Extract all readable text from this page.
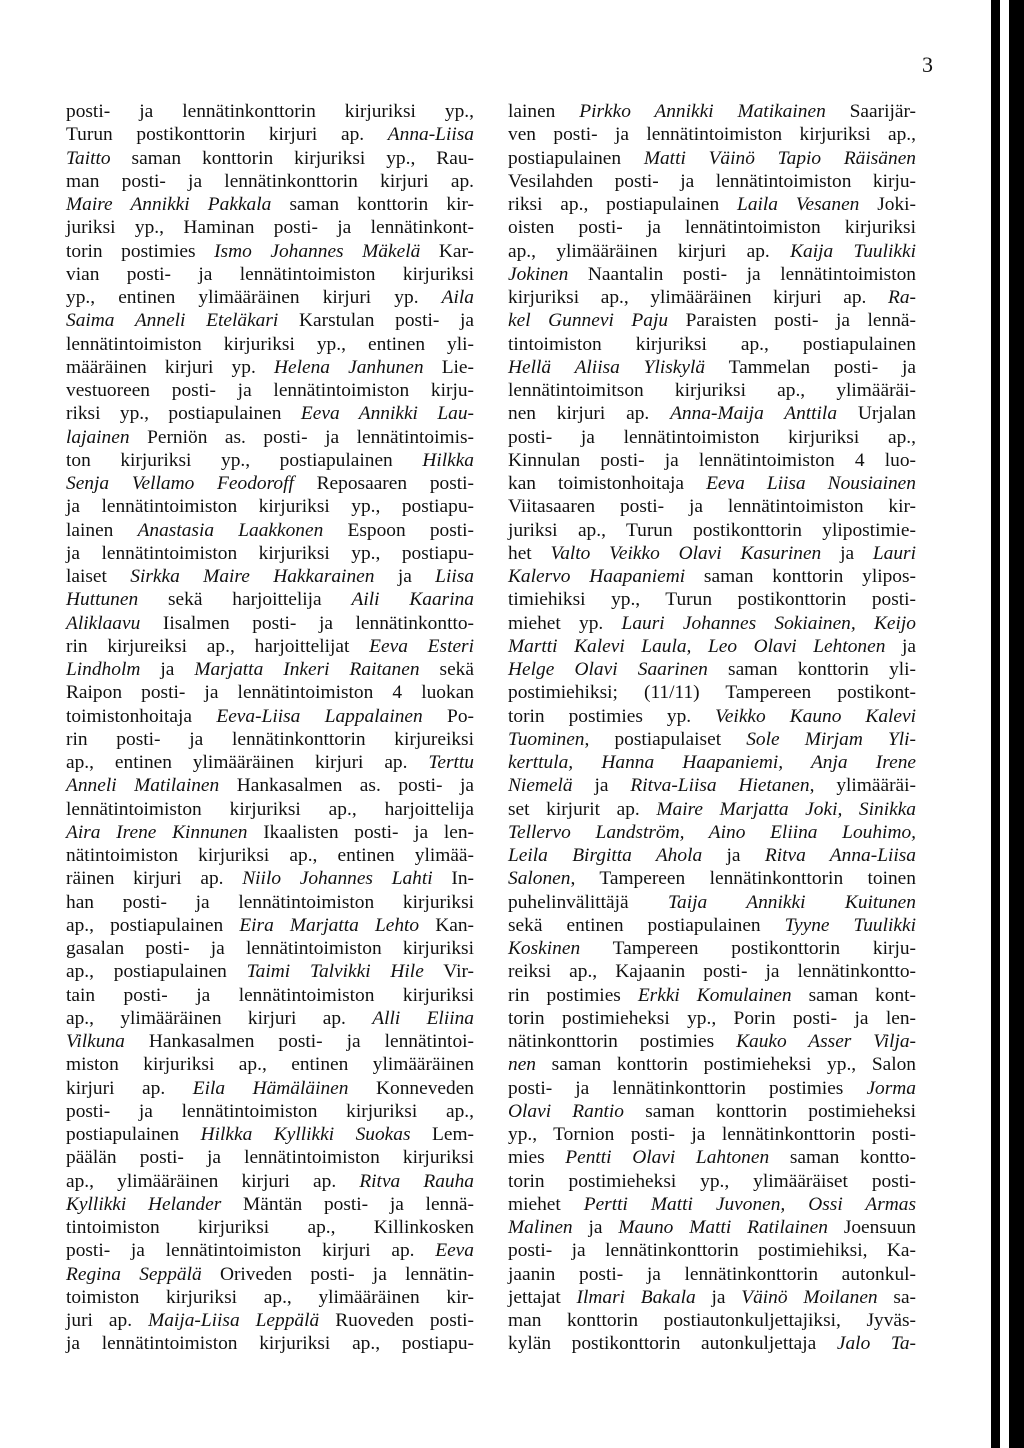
3
posti- ja lennätinkonttorin kirjuriksi yp.,
Turun postikonttorin kirjuri ap. Anna-Liisa
Taitto saman konttorin kirjuriksi yp., Rau-
man posti- ja lennätinkonttorin kirjuri ap.
Maire Annikki Pakkala saman konttorin kir-
juriksi yp., Haminan posti- ja lennätinkont-
torin postimies Ismo Johannes Mäkelä Kar-
vian posti- ja lennätintoimiston kirjuriksi
yp., entinen ylimääräinen kirjuri yp. Aila
Saima Anneli Eteläkari Karstulan posti- ja
lennätintoimiston kirjuriksi yp., entinen yli-
määräinen kirjuri yp. Helena Janhunen Lie-
vestuoreen posti- ja lennätintoimiston kirju-
riksi yp., postiapulainen Eeva Annikki Lau-
lajainen Perniön as. posti- ja lennätintoimis-
ton kirjuriksi yp., postiapulainen Hilkka
Senja Vellamo Feodoroff Reposaaren posti-
ja lennätintoimiston kirjuriksi yp., postiapu-
lainen Anastasia Laakkonen Espoon posti-
ja lennätintoimiston kirjuriksi yp., postiapu-
laiset Sirkka Maire Hakkarainen ja Liisa
Huttunen sekä harjoittelija Aili Kaarina
Aliklaavu Iisalmen posti- ja lennätinkontto-
rin kirjureiksi ap., harjoittelijat Eeva Esteri
Lindholm ja Marjatta Inkeri Raitanen sekä
Raipon posti- ja lennätintoimiston 4 luokan
toimistonhoitaja Eeva-Liisa Lappalainen Po-
rin posti- ja lennätinkonttorin kirjureiksi
ap., entinen ylimääräinen kirjuri ap. Terttu
Anneli Matilainen Hankasalmen as. posti- ja
lennätintoimiston kirjuriksi ap., harjoittelija
Aira Irene Kinnunen Ikaalisten posti- ja len-
nätintoimiston kirjuriksi ap., entinen ylimää-
räinen kirjuri ap. Niilo Johannes Lahti In-
han posti- ja lennätintoimiston kirjuriksi
ap., postiapulainen Eira Marjatta Lehto Kan-
gasalan posti- ja lennätintoimiston kirjuriksi
ap., postiapulainen Taimi Talvikki Hile Vir-
tain posti- ja lennätintoimiston kirjuriksi
ap., ylimääräinen kirjuri ap. Alli Eliina
Vilkuna Hankasalmen posti- ja lennätintoi-
miston kirjuriksi ap., entinen ylimääräinen
kirjuri ap. Eila Hämäläinen Konneveden
posti- ja lennätintoimiston kirjuriksi ap.,
postiapulainen Hilkka Kyllikki Suokas Lem-
päälän posti- ja lennätintoimiston kirjuriksi
ap., ylimääräinen kirjuri ap. Ritva Rauha
Kyllikki Helander Mäntän posti- ja lennä-
tintoimiston kirjuriksi ap., Killinkosken
posti- ja lennätintoimiston kirjuri ap. Eeva
Regina Seppälä Oriveden posti- ja lennätin-
toimiston kirjuriksi ap., ylimääräinen kir-
juri ap. Maija-Liisa Leppälä Ruoveden posti-
ja lennätintoimiston kirjuriksi ap., postiapu-
lainen Pirkko Annikki Matikainen Saarijär-
ven posti- ja lennätintoimiston kirjuriksi ap.,
postiapulainen Matti Väinö Tapio Räisänen
Vesilahden posti- ja lennätintoimiston kirju-
riksi ap., postiapulainen Laila Vesanen Joki-
oisten posti- ja lennätintoimiston kirjuriksi
ap., ylimääräinen kirjuri ap. Kaija Tuulikki
Jokinen Naantalin posti- ja lennätintoimiston
kirjuriksi ap., ylimääräinen kirjuri ap. Ra-
kel Gunnevi Paju Paraisten posti- ja lennä-
tintoimiston kirjuriksi ap., postiapulainen
Hellä Aliisa Yliskylä Tammelan posti- ja
lennätintoimitson kirjuriksi ap., ylimääräi-
nen kirjuri ap. Anna-Maija Anttila Urjalan
posti- ja lennätintoimiston kirjuriksi ap.,
Kinnulan posti- ja lennätintoimiston 4 luo-
kan toimistonhoitaja Eeva Liisa Nousiainen
Viitasaaren posti- ja lennätintoimiston kir-
juriksi ap., Turun postikonttorin ylipostimie-
het Valto Veikko Olavi Kasurinen ja Lauri
Kalervo Haapaniemi saman konttorin ylipos-
timiehiksi yp., Turun postikonttorin posti-
miehet yp. Lauri Johannes Sokiainen, Keijo
Martti Kalevi Laula, Leo Olavi Lehtonen ja
Helge Olavi Saarinen saman konttorin yli-
postimiehiksi; (11/11) Tampereen postikont-
torin postimies yp. Veikko Kauno Kalevi
Tuominen, postiapulaiset Sole Mirjam Yli-
kerttula, Hanna Haapaniemi, Anja Irene
Niemelä ja Ritva-Liisa Hietanen, ylimääräi-
set kirjurit ap. Maire Marjatta Joki, Sinikka
Tellervo Landström, Aino Eliina Louhimo,
Leila Birgitta Ahola ja Ritva Anna-Liisa
Salonen, Tampereen lennätinkonttorin toinen
puhelinvälittäjä Taija Annikki Kuitunen
sekä entinen postiapulainen Tyyne Tuulikki
Koskinen Tampereen postikonttorin kirju-
reiksi ap., Kajaanin posti- ja lennätinkontto-
rin postimies Erkki Komulainen saman kont-
torin postimieheksi yp., Porin posti- ja len-
nätinkonttorin postimies Kauko Asser Vilja-
nen saman konttorin postimieheksi yp., Salon
posti- ja lennätinkonttorin postimies Jorma
Olavi Rantio saman konttorin postimieheksi
yp., Tornion posti- ja lennätinkonttorin posti-
mies Pentti Olavi Lahtonen saman kontto-
torin postimieheksi yp., ylimääräiset posti-
miehet Pertti Matti Juvonen, Ossi Armas
Malinen ja Mauno Matti Ratilainen Joensuun
posti- ja lennätinkonttorin postimiehiksi, Ka-
jaanin posti- ja lennätinkonttorin autonkul-
jettajat Ilmari Bakala ja Väinö Moilanen sa-
man konttorin postiautonkuljettajiksi, Jyväs-
kylän postikonttorin autonkuljettaja Jalo Ta-
